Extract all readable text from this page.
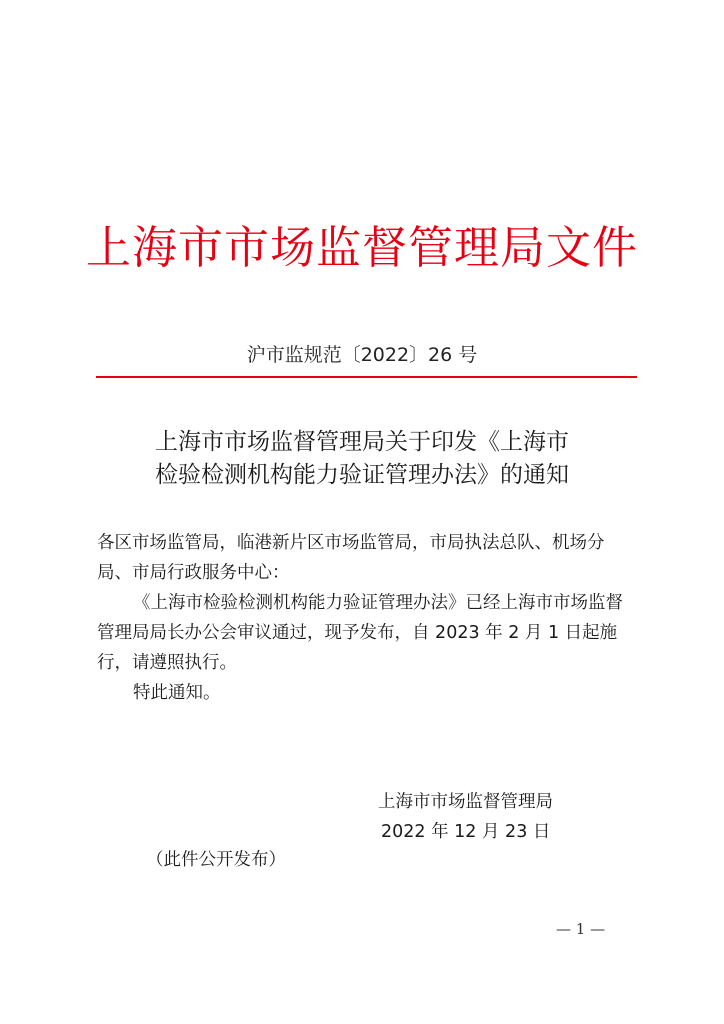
上海市市场监督管理局文件
沪市监规范〔2022〕26 号
上海市市场监督管理局关于印发《上海市
检验检测机构能力验证管理办法》的通知

各区市场监管局，临港新片区市场监管局，市局执法总队、机场分局、市局行政服务中心：

《上海市检验检测机构能力验证管理办法》已经上海市市场监督管理局局长办公会审议通过，现予发布，自 2023 年 2 月 1 日起施行，请遵照执行。

特此通知。

上海市市场监督管理局
2022 年 12 月 23 日
（此件公开发布）
— 1 —
